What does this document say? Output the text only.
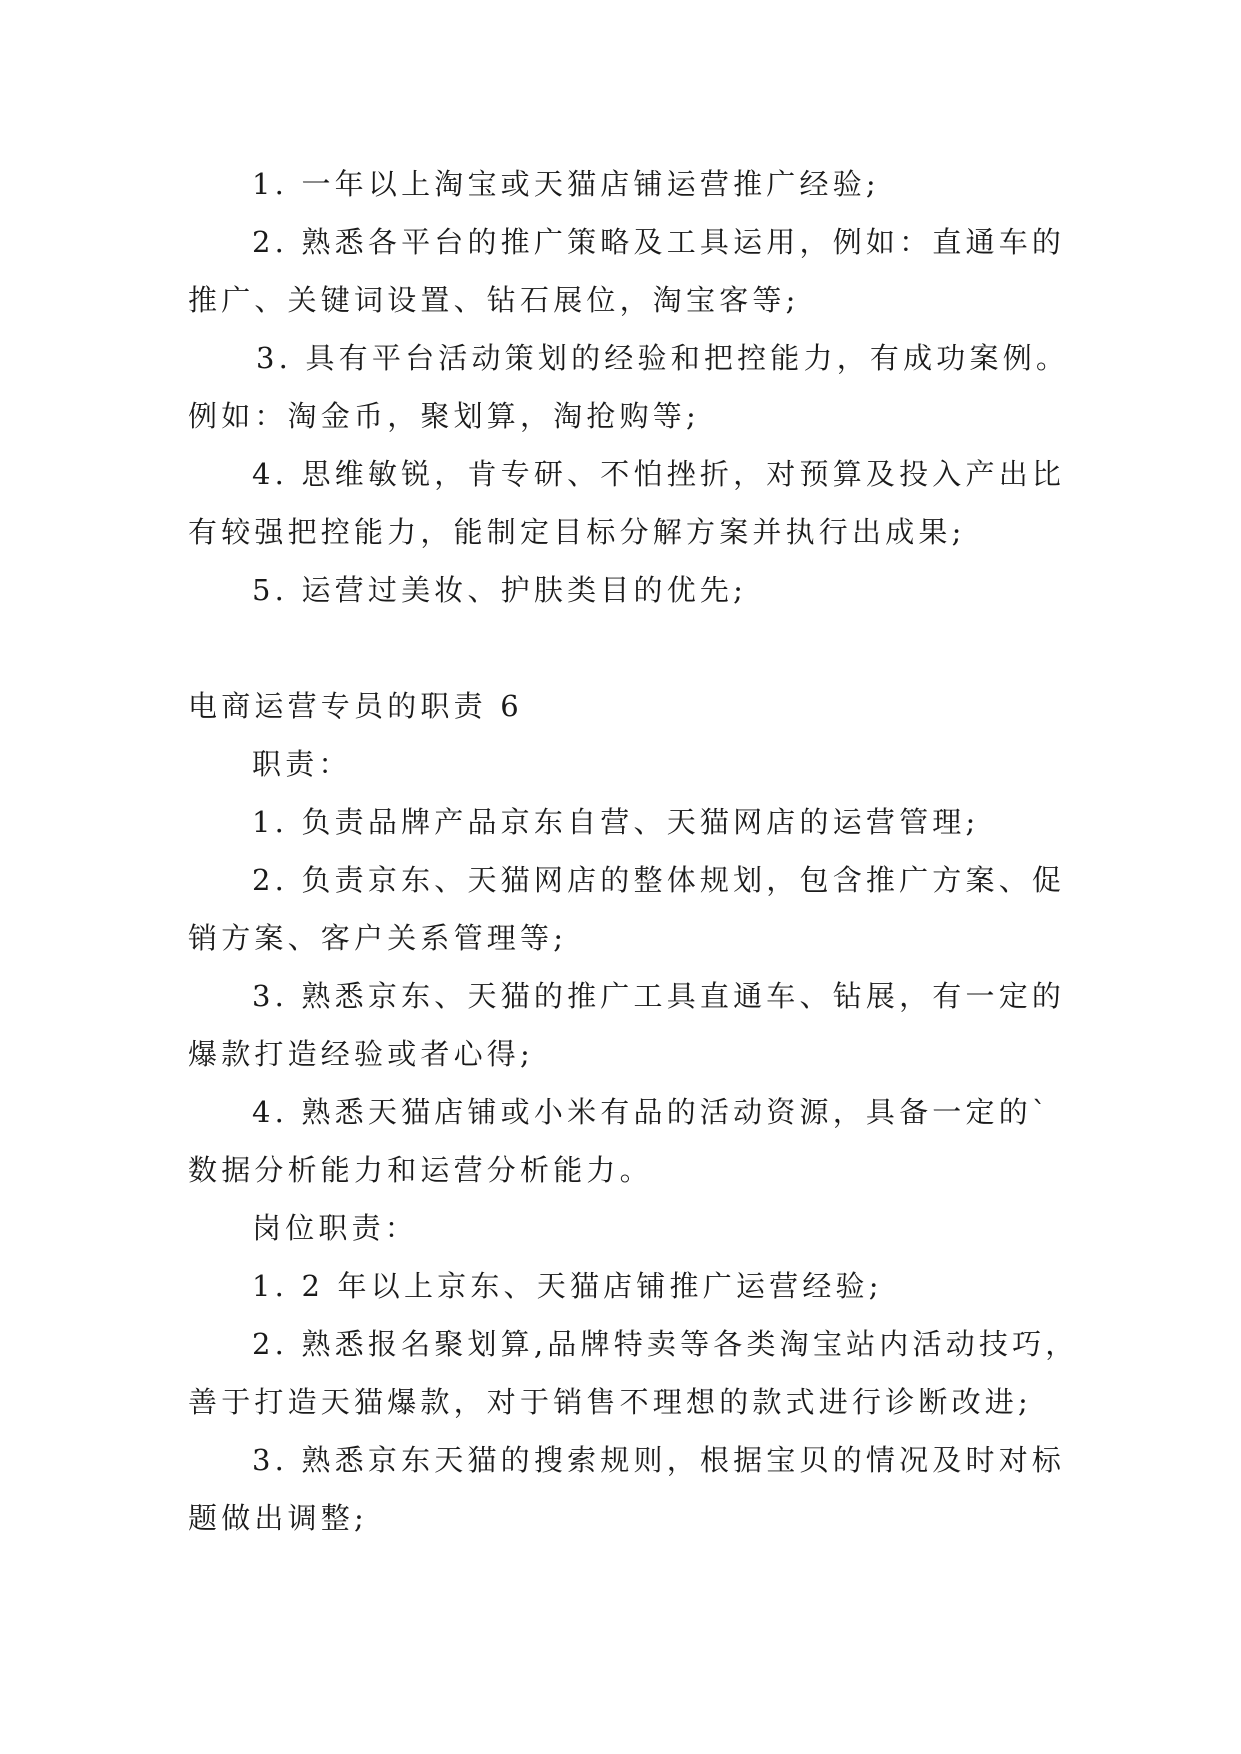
1. 一年以上淘宝或天猫店铺运营推广经验;
2. 熟悉各平台的推广策略及工具运用，例如：直通车的
推广、关键词设置、钻石展位，淘宝客等;
3. 具有平台活动策划的经验和把控能力，有成功案例。
例如：淘金币，聚划算，淘抢购等;
4. 思维敏锐，肯专研、不怕挫折，对预算及投入产出比
有较强把控能力，能制定目标分解方案并执行出成果;
5. 运营过美妆、护肤类目的优先;
电商运营专员的职责 6
职责：
1. 负责品牌产品京东自营、天猫网店的运营管理;
2. 负责京东、天猫网店的整体规划，包含推广方案、促
销方案、客户关系管理等;
3. 熟悉京东、天猫的推广工具直通车、钻展，有一定的
爆款打造经验或者心得;
4. 熟悉天猫店铺或小米有品的活动资源，具备一定的`
数据分析能力和运营分析能力。
岗位职责：
1. 2 年以上京东、天猫店铺推广运营经验;
2. 熟悉报名聚划算,品牌特卖等各类淘宝站内活动技巧，
善于打造天猫爆款，对于销售不理想的款式进行诊断改进;
3. 熟悉京东天猫的搜索规则，根据宝贝的情况及时对标
题做出调整;
